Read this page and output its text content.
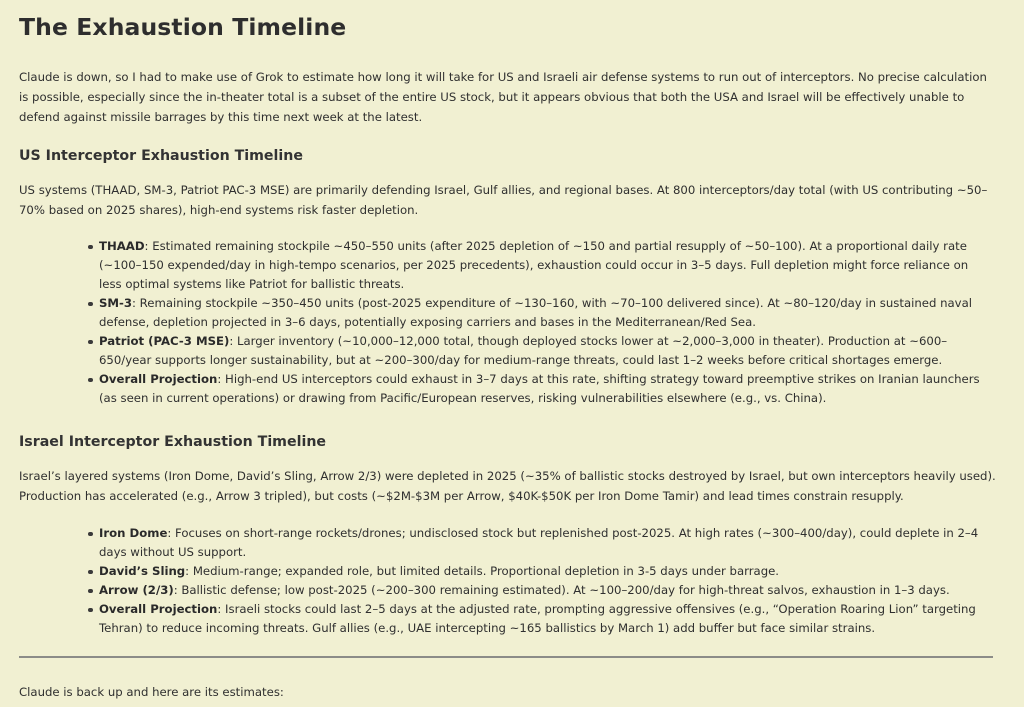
The Exhaustion Timeline

Claude is down, so I had to make use of Grok to estimate how long it will take for US and Israeli air defense systems to run out of interceptors. No precise calculation is possible, especially since the in-theater total is a subset of the entire US stock, but it appears obvious that both the USA and Israel will be effectively unable to defend against missile barrages by this time next week at the latest.

US Interceptor Exhaustion Timeline

US systems (THAAD, SM-3, Patriot PAC-3 MSE) are primarily defending Israel, Gulf allies, and regional bases. At 800 interceptors/day total (with US contributing ~50–70% based on 2025 shares), high-end systems risk faster depletion.

THAAD: Estimated remaining stockpile ~450–550 units (after 2025 depletion of ~150 and partial resupply of ~50–100). At a proportional daily rate (~100–150 expended/day in high-tempo scenarios, per 2025 precedents), exhaustion could occur in 3–5 days. Full depletion might force reliance on less optimal systems like Patriot for ballistic threats.
SM-3: Remaining stockpile ~350–450 units (post-2025 expenditure of ~130–160, with ~70–100 delivered since). At ~80–120/day in sustained naval defense, depletion projected in 3–6 days, potentially exposing carriers and bases in the Mediterranean/Red Sea.
Patriot (PAC-3 MSE): Larger inventory (~10,000–12,000 total, though deployed stocks lower at ~2,000–3,000 in theater). Production at ~600–650/year supports longer sustainability, but at ~200–300/day for medium-range threats, could last 1–2 weeks before critical shortages emerge.
Overall Projection: High-end US interceptors could exhaust in 3–7 days at this rate, shifting strategy toward preemptive strikes on Iranian launchers (as seen in current operations) or drawing from Pacific/European reserves, risking vulnerabilities elsewhere (e.g., vs. China).
Israel Interceptor Exhaustion Timeline

Israel’s layered systems (Iron Dome, David’s Sling, Arrow 2/3) were depleted in 2025 (~35% of ballistic stocks destroyed by Israel, but own interceptors heavily used). Production has accelerated (e.g., Arrow 3 tripled), but costs (~$2M-$3M per Arrow, $40K-$50K per Iron Dome Tamir) and lead times constrain resupply.

Iron Dome: Focuses on short-range rockets/drones; undisclosed stock but replenished post-2025. At high rates (~300–400/day), could deplete in 2–4 days without US support.
David’s Sling: Medium-range; expanded role, but limited details. Proportional depletion in 3-5 days under barrage.
Arrow (2/3): Ballistic defense; low post-2025 (~200–300 remaining estimated). At ~100–200/day for high-threat salvos, exhaustion in 1–3 days.
Overall Projection: Israeli stocks could last 2–5 days at the adjusted rate, prompting aggressive offensives (e.g., “Operation Roaring Lion” targeting Tehran) to reduce incoming threats. Gulf allies (e.g., UAE intercepting ~165 ballistics by March 1) add buffer but face similar strains.

Claude is back up and here are its estimates:
